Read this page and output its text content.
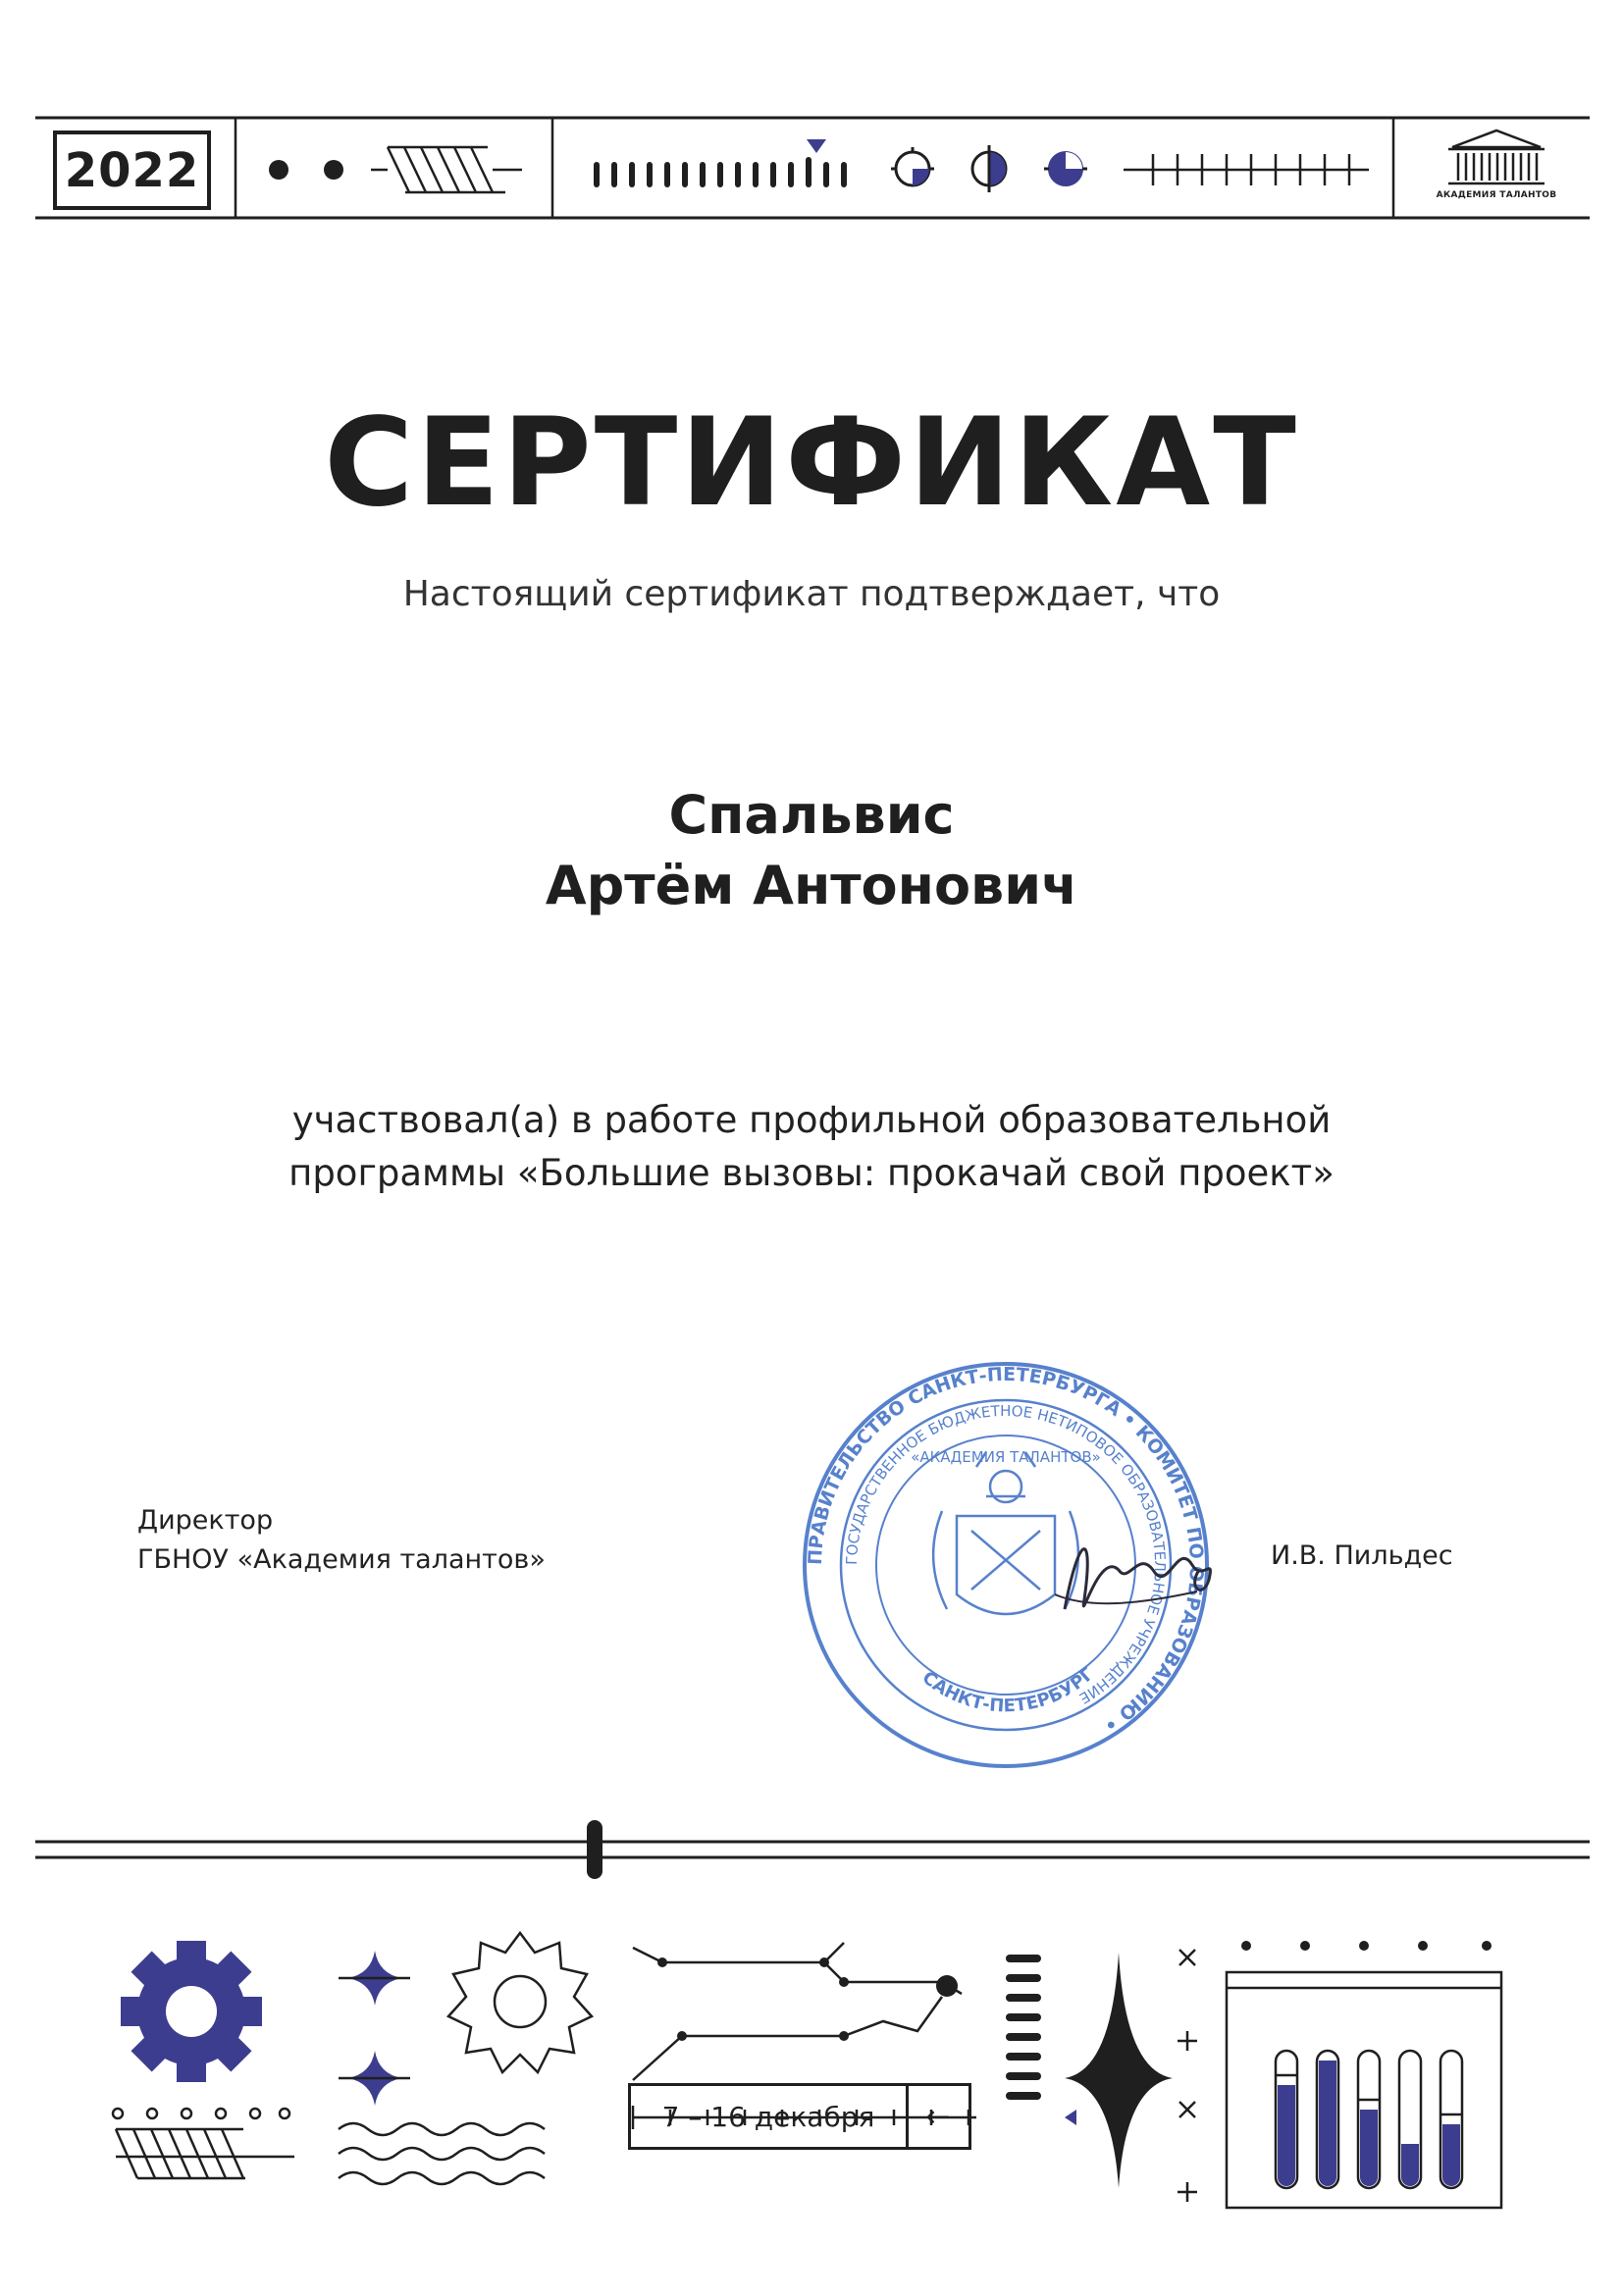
2022	АКАДЕМИЯ ТАЛАНТОВ
СЕРТИФИКАТ
Настоящий сертификат подтверждает, что
Спальвис
Артём Антонович
участвовал(а) в работе профильной образовательной
программы «Большие вызовы: прокачай свой проект»
Директор
ГБНОУ «Академия талантов»	И.В. Пильдес
ПРАВИТЕЛЬСТВО САНКТ-ПЕТЕРБУРГА • КОМИТЕТ ПО ОБРАЗОВАНИЮ •
ГОСУДАРСТВЕННОЕ БЮДЖЕТНОЕ НЕТИПОВОЕ ОБРАЗОВАТЕЛЬНОЕ УЧРЕЖДЕНИЕ
«АКАДЕМИЯ ТАЛАНТОВ»
САНКТ-ПЕТЕРБУРГ
7 – 16 декабря	←
